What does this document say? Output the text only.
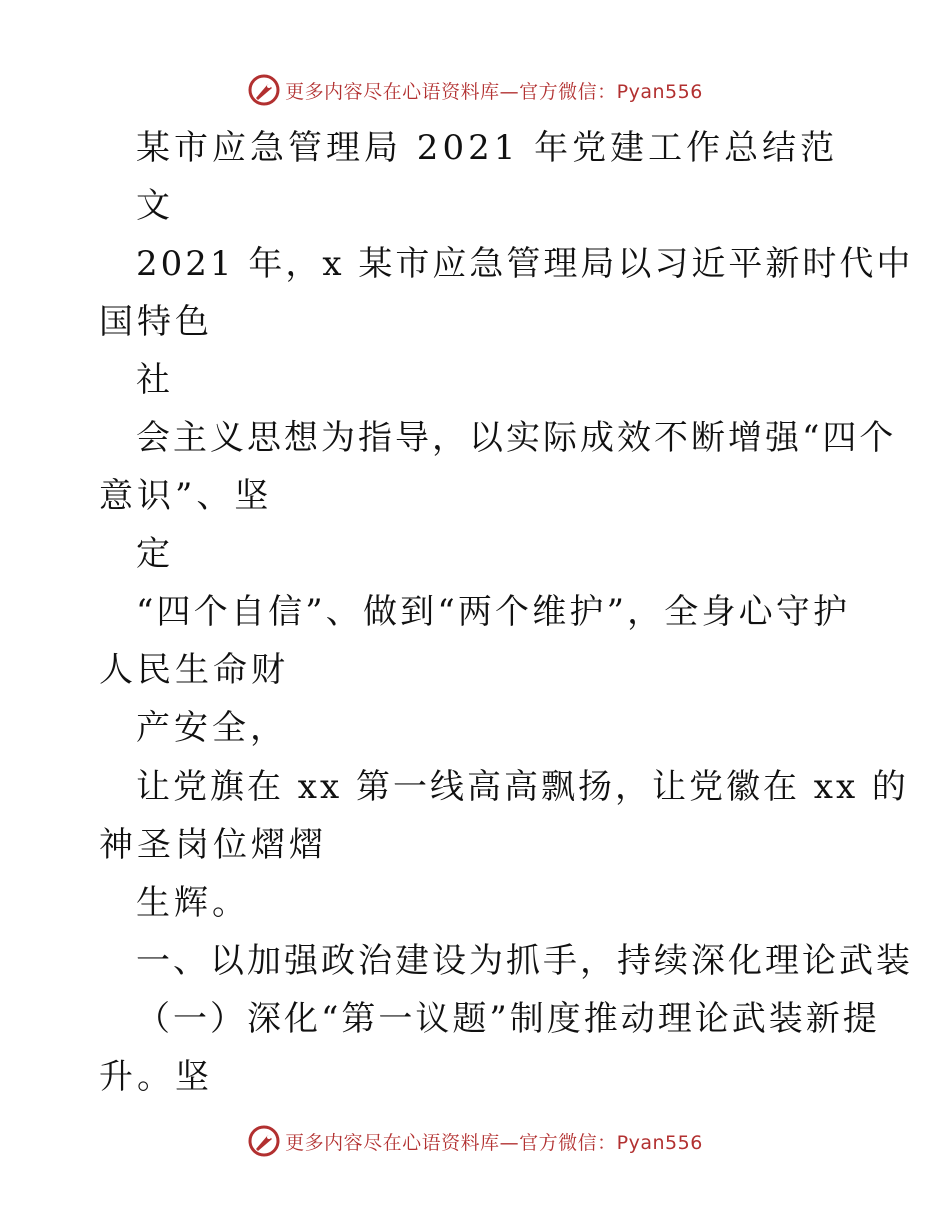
更多内容尽在心语资料库—官方微信：Pyan556
某市应急管理局 2021 年党建工作总结范
文
2021 年，x 某市应急管理局以习近平新时代中
国特色
社
会主义思想为指导，以实际成效不断增强“四个
意识”、坚
定
“四个自信”、做到“两个维护”，全身心守护
人民生命财
产安全，
让党旗在 xx 第一线高高飘扬，让党徽在 xx 的
神圣岗位熠熠
生辉。
一、以加强政治建设为抓手，持续深化理论武装
（一）深化“第一议题”制度推动理论武装新提
升。坚
更多内容尽在心语资料库—官方微信：Pyan556
